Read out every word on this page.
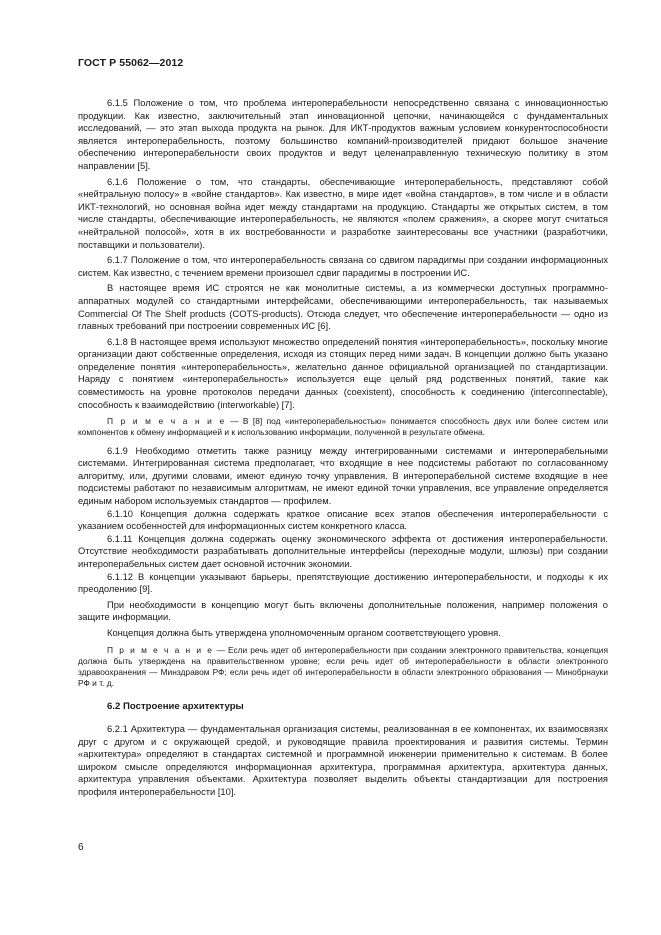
ГОСТ Р 55062—2012

6.1.5 Положение о том, что проблема интероперабельности непосредственно связана с инновационностью продукции. Как известно, заключительный этап инновационной цепочки, начинающейся с фундаментальных исследований, — это этап выхода продукта на рынок. Для ИКТ-продуктов важным условием конкурентоспособности является интероперабельность, поэтому большинство компаний-производителей придают большое значение обеспечению интероперабельности своих продуктов и ведут целенаправленную техническую политику в этом направлении [5].

6.1.6 Положение о том, что стандарты, обеспечивающие интероперабельность, представляют собой «нейтральную полосу» в «войне стандартов». Как известно, в мире идет «война стандартов», в том числе и в области ИКТ-технологий, но основная война идет между стандартами на продукцию. Стандарты же открытых систем, в том числе стандарты, обеспечивающие интероперабельность, не являются «полем сражения», а скорее могут считаться «нейтральной полосой», хотя в их востребованности и разработке заинтересованы все участники (разработчики, поставщики и пользователи).

6.1.7 Положение о том, что интероперабельность связана со сдвигом парадигмы при создании информационных систем. Как известно, с течением времени произошел сдвиг парадигмы в построении ИС.

В настоящее время ИС строятся не как монолитные системы, а из коммерчески доступных программно-аппаратных модулей со стандартными интерфейсами, обеспечивающими интероперабельность, так называемых Commercial Of The Shelf products (COTS-products). Отсюда следует, что обеспечение интероперабельности — одно из главных требований при построении современных ИС [6].

6.1.8 В настоящее время используют множество определений понятия «интероперабельность», поскольку многие организации дают собственные определения, исходя из стоящих перед ними задач. В концепции должно быть указано определение понятия «интероперабельность», желательно данное официальной организацией по стандартизации. Наряду с понятием «интероперабельность» используется еще целый ряд родственных понятий, такие как совместимость на уровне протоколов передачи данных (coexistent), способность к соединению (interconnectable), способность к взаимодействию (interworkable) [7].

П р и м е ч а н и е — В [8] под «интероперабельностью» понимается способность двух или более систем или компонентов к обмену информацией и к использованию информации, полученной в результате обмена.

6.1.9 Необходимо отметить также разницу между интегрированными системами и интероперабельными системами. Интегрированная система предполагает, что входящие в нее подсистемы работают по согласованному алгоритму, или, другими словами, имеют единую точку управления. В интероперабельной системе входящие в нее подсистемы работают по независимым алгоритмам, не имеют единой точки управления, все управление определяется единым набором используемых стандартов — профилем.

6.1.10 Концепция должна содержать краткое описание всех этапов обеспечения интероперабельности с указанием особенностей для информационных систем конкретного класса.

6.1.11 Концепция должна содержать оценку экономического эффекта от достижения интероперабельности. Отсутствие необходимости разрабатывать дополнительные интерфейсы (переходные модули, шлюзы) при создании интероперабельных систем дает основной источник экономии.

6.1.12 В концепции указывают барьеры, препятствующие достижению интероперабельности, и подходы к их преодолению [9].

При необходимости в концепцию могут быть включены дополнительные положения, например положения о защите информации.

Концепция должна быть утверждена уполномоченным органом соответствующего уровня.

П р и м е ч а н и е — Если речь идет об интероперабельности при создании электронного правительства, концепция должна быть утверждена на правительственном уровне; если речь идет об интероперабельности в области электронного здравоохранения — Минздравом РФ; если речь идет об интероперабельности в области электронного образования — Минобрнауки РФ и т. д.

6.2 Построение архитектуры

6.2.1 Архитектура — фундаментальная организация системы, реализованная в ее компонентах, их взаимосвязях друг с другом и с окружающей средой, и руководящие правила проектирования и развития системы. Термин «архитектура» определяют в стандартах системной и программной инженерии применительно к системам. В более широком смысле определяются информационная архитектура, программная архитектура, архитектура данных, архитектура управления объектами. Архитектура позволяет выделить объекты стандартизации для построения профиля интероперабельности [10].

6
